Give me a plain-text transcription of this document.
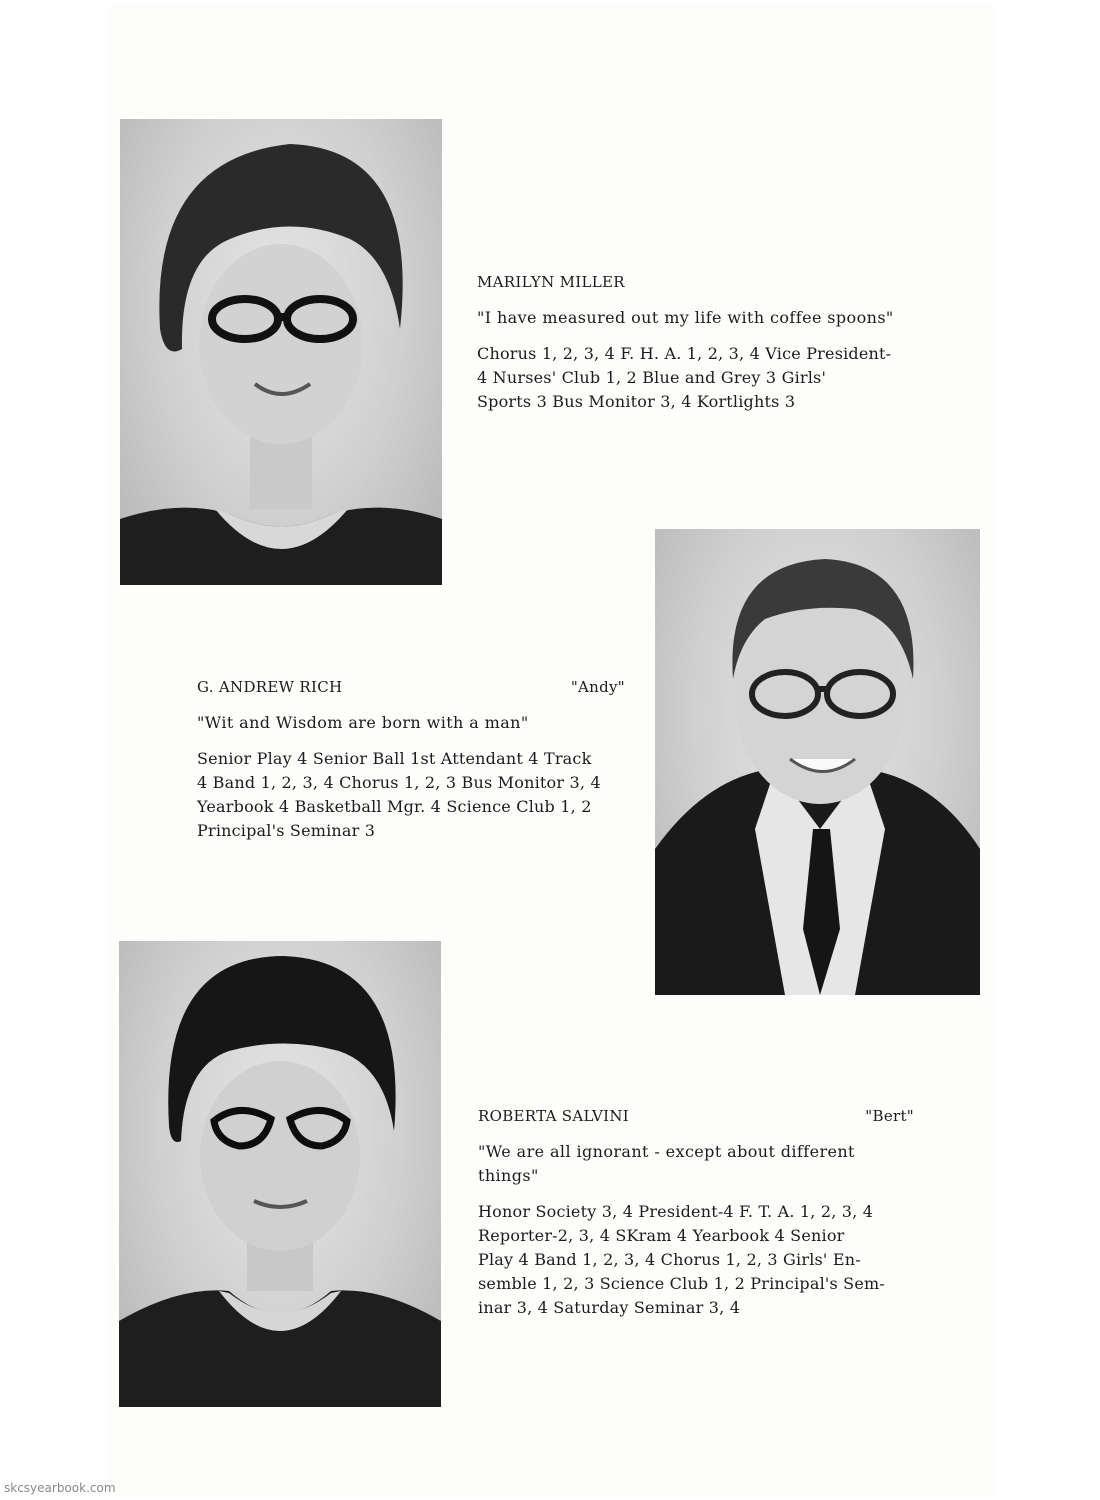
MARILYN MILLER
"I have measured out my life with coffee spoons"
Chorus 1, 2, 3, 4 F. H. A. 1, 2, 3, 4 Vice President-
4 Nurses' Club 1, 2 Blue and Grey 3 Girls'
Sports 3 Bus Monitor 3, 4 Kortlights 3
G. ANDREW RICH	"Andy"
"Wit and Wisdom are born with a man"
Senior Play 4 Senior Ball 1st Attendant 4 Track
4 Band 1, 2, 3, 4 Chorus 1, 2, 3 Bus Monitor 3, 4
Yearbook 4 Basketball Mgr. 4 Science Club 1, 2
Principal's Seminar 3
ROBERTA SALVINI	"Bert"
"We are all ignorant - except about different things"
Honor Society 3, 4 President-4 F. T. A. 1, 2, 3, 4
Reporter-2, 3, 4 SKram 4 Yearbook 4 Senior
Play 4 Band 1, 2, 3, 4 Chorus 1, 2, 3 Girls' En-
semble 1, 2, 3 Science Club 1, 2 Principal's Sem-
inar 3, 4 Saturday Seminar 3, 4
skcsyearbook.com
